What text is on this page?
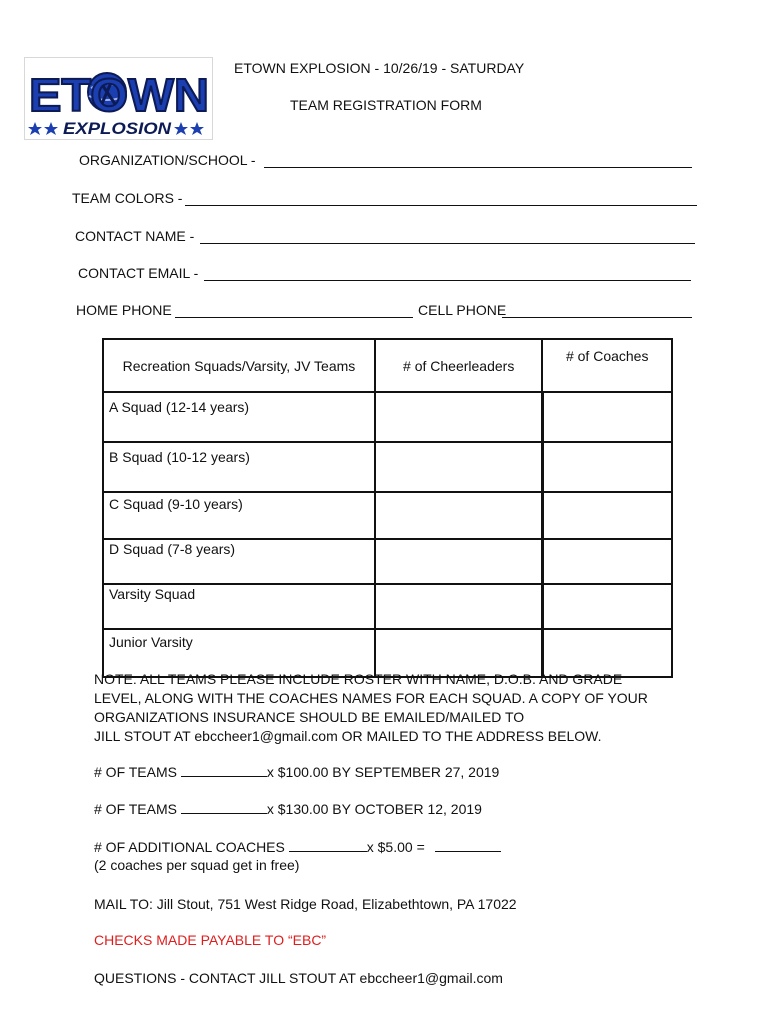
ETOWN
EXPLOSION
ETOWN EXPLOSION - 10/26/19 - SATURDAY
TEAM REGISTRATION FORM
ORGANIZATION/SCHOOL -
TEAM COLORS -
CONTACT NAME -
CONTACT EMAIL -
HOME PHONE	CELL PHONE
Recreation Squads/Varsity, JV Teams	# of Cheerleaders	# of Coaches
A Squad (12-14 years)		
B Squad (10-12 years)		
C Squad (9-10 years)		
D Squad (7-8 years)		
Varsity Squad		
Junior Varsity		
NOTE: ALL TEAMS PLEASE INCLUDE ROSTER WITH NAME, D.O.B. AND GRADE
LEVEL, ALONG WITH THE COACHES NAMES FOR EACH SQUAD. A COPY OF YOUR
ORGANIZATIONS INSURANCE SHOULD BE EMAILED/MAILED TO
JILL STOUT AT ebccheer1@gmail.com OR MAILED TO THE ADDRESS BELOW.
# OF TEAMS	x $100.00 BY SEPTEMBER 27, 2019
# OF TEAMS	x $130.00 BY OCTOBER 12, 2019
# OF ADDITIONAL COACHES	x $5.00 =
(2 coaches per squad get in free)
MAIL TO: Jill Stout, 751 West Ridge Road, Elizabethtown, PA 17022
CHECKS MADE PAYABLE TO “EBC”
QUESTIONS - CONTACT JILL STOUT AT ebccheer1@gmail.com
